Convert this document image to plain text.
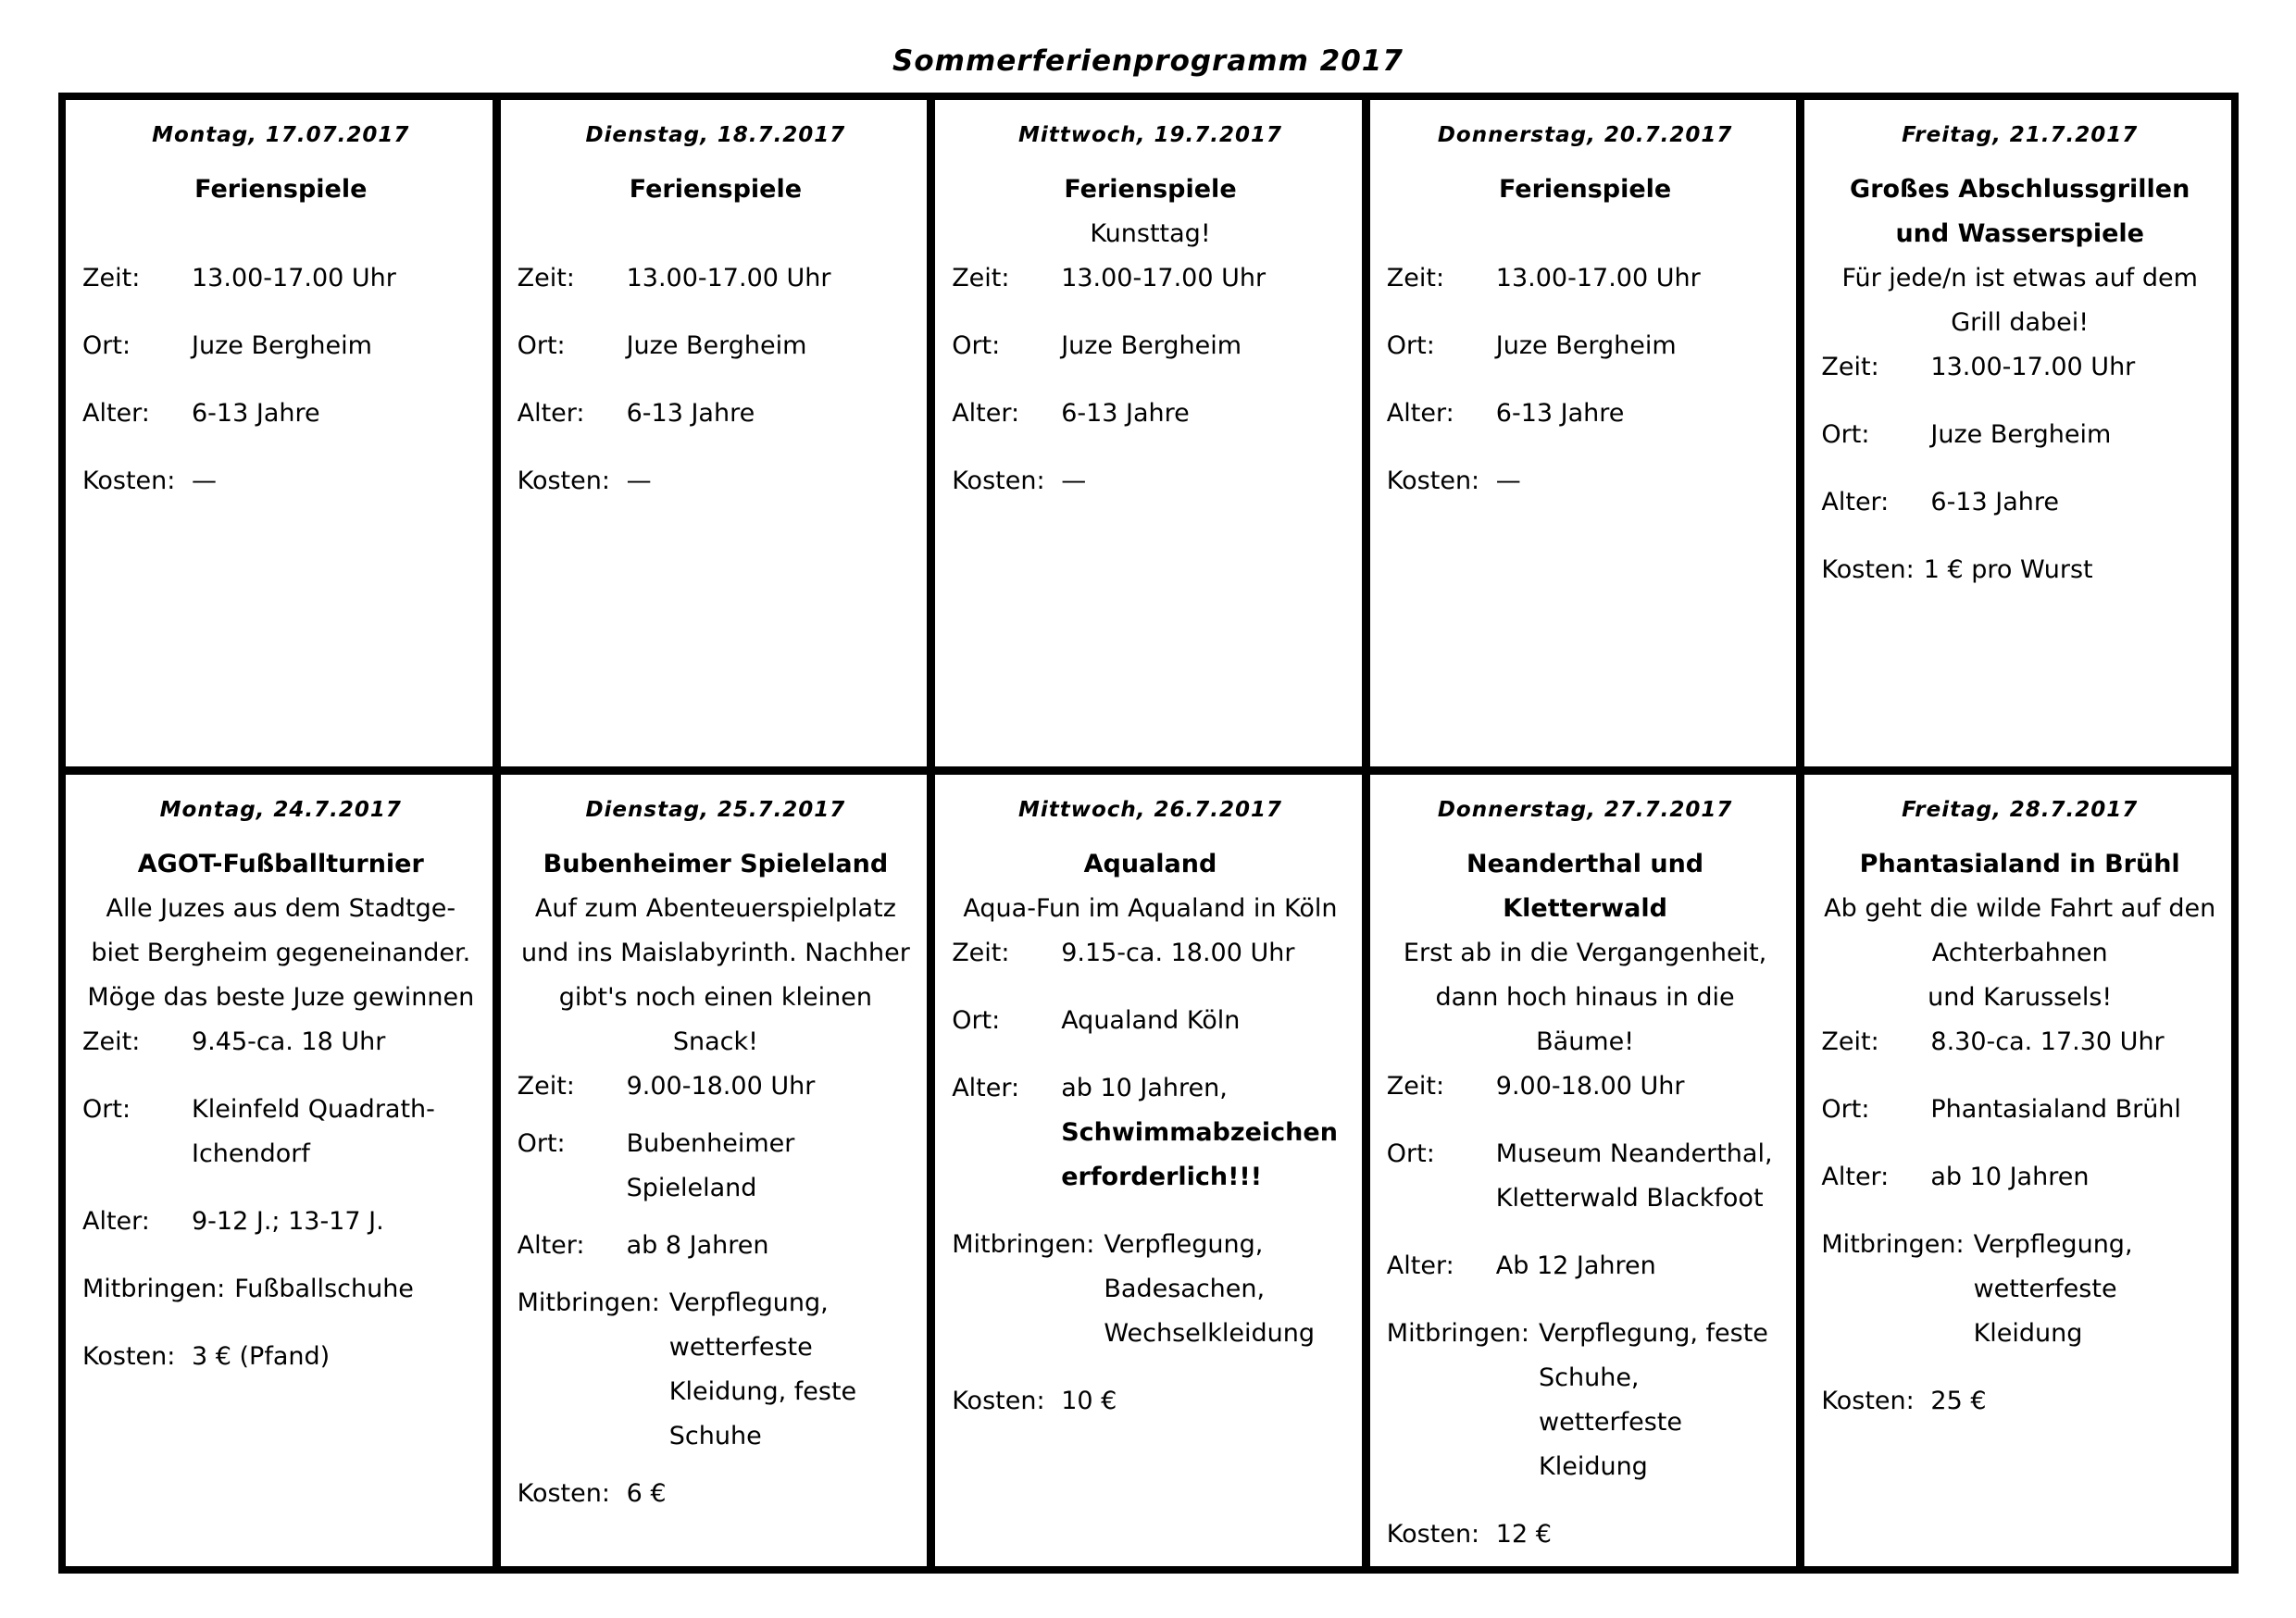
Sommerferienprogramm 2017
Montag, 17.07.2017
Ferienspiele
Zeit:	13.00-17.00 Uhr
Ort:	Juze Bergheim
Alter:	6-13 Jahre
Kosten: —
Dienstag, 18.7.2017
Ferienspiele
Zeit:	13.00-17.00 Uhr
Ort:	Juze Bergheim
Alter:	6-13 Jahre
Kosten: —
Mittwoch, 19.7.2017
Ferienspiele
Kunsttag!
Zeit:	13.00-17.00 Uhr
Ort:	Juze Bergheim
Alter:	6-13 Jahre
Kosten: —
Donnerstag, 20.7.2017
Ferienspiele
Zeit:	13.00-17.00 Uhr
Ort:	Juze Bergheim
Alter:	6-13 Jahre
Kosten: —
Freitag, 21.7.2017
Großes Abschlussgrillen und Wasserspiele
Für jede/n ist etwas auf dem Grill dabei!
Zeit:	13.00-17.00 Uhr
Ort:	Juze Bergheim
Alter:	6-13 Jahre
Kosten: 1 € pro Wurst
Montag, 24.7.2017
AGOT-Fußballturnier
Alle Juzes aus dem Stadtge-biet Bergheim gegeneinander. Möge das beste Juze gewinnen
Zeit:	9.45-ca. 18 Uhr
Ort:	Kleinfeld Quadrath-Ichendorf
Alter:	9-12 J.; 13-17 J.
Mitbringen: Fußballschuhe
Kosten: 3 € (Pfand)
Dienstag, 25.7.2017
Bubenheimer Spieleland
Auf zum Abenteuerspielplatz und ins Maislabyrinth. Nachher gibt's noch einen kleinen Snack!
Zeit:	9.00-18.00 Uhr
Ort:	Bubenheimer Spieleland
Alter:	ab 8 Jahren
Mitbringen: Verpflegung, wetterfeste Kleidung, feste Schuhe
Kosten: 6 €
Mittwoch, 26.7.2017
Aqualand
Aqua-Fun im Aqualand in Köln
Zeit:	9.15-ca. 18.00 Uhr
Ort:	Aqualand Köln
Alter:	ab 10 Jahren,
Schwimmabzeichen erforderlich!!!
Mitbringen: Verpflegung, Badesachen, Wechselkleidung
Kosten: 10 €
Donnerstag, 27.7.2017
Neanderthal und Kletterwald
Erst ab in die Vergangenheit, dann hoch hinaus in die Bäume!
Zeit:	9.00-18.00 Uhr
Ort:	Museum Neanderthal, Kletterwald Blackfoot
Alter:	Ab 12 Jahren
Mitbringen: Verpflegung, feste Schuhe, wetterfeste Kleidung
Kosten: 12 €
Freitag, 28.7.2017
Phantasialand in Brühl
Ab geht die wilde Fahrt auf den Achterbahnen
und Karussels!
Zeit:	8.30-ca. 17.30 Uhr
Ort:	Phantasialand Brühl
Alter:	ab 10 Jahren
Mitbringen: Verpflegung, wetterfeste Kleidung
Kosten: 25 €
